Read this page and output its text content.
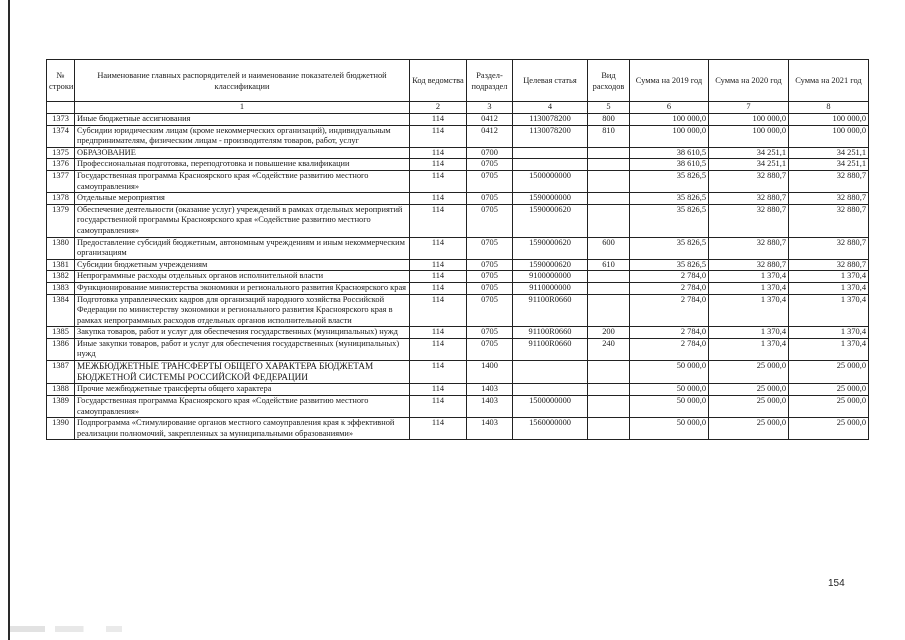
№ строки	Наименование главных распорядителей и наименование показателей бюджетной классификации	Код ведомства	Раздел-подраздел	Целевая статья	Вид расходов	Сумма на 2019 год	Сумма на 2020 год	Сумма на 2021 год
	1	2	3	4	5	6	7	8
1373	Иные бюджетные ассигнования	114	0412	1130078200	800	100 000,0	100 000,0	100 000,0
1374	Субсидии юридическим лицам (кроме некоммерческих организаций), индивидуальным предпринимателям, физическим лицам - производителям товаров, работ, услуг	114	0412	1130078200	810	100 000,0	100 000,0	100 000,0
1375	ОБРАЗОВАНИЕ	114	0700			38 610,5	34 251,1	34 251,1
1376	Профессиональная подготовка, переподготовка и повышение квалификации	114	0705			38 610,5	34 251,1	34 251,1
1377	Государственная программа Красноярского края «Содействие развитию местного самоуправления»	114	0705	1500000000		35 826,5	32 880,7	32 880,7
1378	Отдельные мероприятия	114	0705	1590000000		35 826,5	32 880,7	32 880,7
1379	Обеспечение деятельности (оказание услуг) учреждений в рамках отдельных мероприятий государственной программы Красноярского края «Содействие развитию местного самоуправления»	114	0705	1590000620		35 826,5	32 880,7	32 880,7
1380	Предоставление субсидий бюджетным, автономным учреждениям и иным некоммерческим организациям	114	0705	1590000620	600	35 826,5	32 880,7	32 880,7
1381	Субсидии бюджетным учреждениям	114	0705	1590000620	610	35 826,5	32 880,7	32 880,7
1382	Непрограммные расходы отдельных органов исполнительной власти	114	0705	9100000000		2 784,0	1 370,4	1 370,4
1383	Функционирование министерства экономики и регионального развития Красноярского края	114	0705	9110000000		2 784,0	1 370,4	1 370,4
1384	Подготовка управленческих кадров для организаций народного хозяйства Российской Федерации по министерству экономики и регионального развития Красноярского края в рамках непрограммных расходов отдельных органов исполнительной власти	114	0705	91100R0660		2 784,0	1 370,4	1 370,4
1385	Закупка товаров, работ и услуг для обеспечения государственных (муниципальных) нужд	114	0705	91100R0660	200	2 784,0	1 370,4	1 370,4
1386	Иные закупки товаров, работ и услуг для обеспечения государственных (муниципальных) нужд	114	0705	91100R0660	240	2 784,0	1 370,4	1 370,4
1387	МЕЖБЮДЖЕТНЫЕ ТРАНСФЕРТЫ ОБЩЕГО ХАРАКТЕРА БЮДЖЕТАМ БЮДЖЕТНОЙ СИСТЕМЫ РОССИЙСКОЙ ФЕДЕРАЦИИ	114	1400			50 000,0	25 000,0	25 000,0
1388	Прочие межбюджетные трансферты общего характера	114	1403			50 000,0	25 000,0	25 000,0
1389	Государственная программа Красноярского края «Содействие развитию местного самоуправления»	114	1403	1500000000		50 000,0	25 000,0	25 000,0
1390	Подпрограмма «Стимулирование органов местного самоуправления края к эффективной реализации полномочий, закрепленных за муниципальными образованиями»	114	1403	1560000000		50 000,0	25 000,0	25 000,0
154
